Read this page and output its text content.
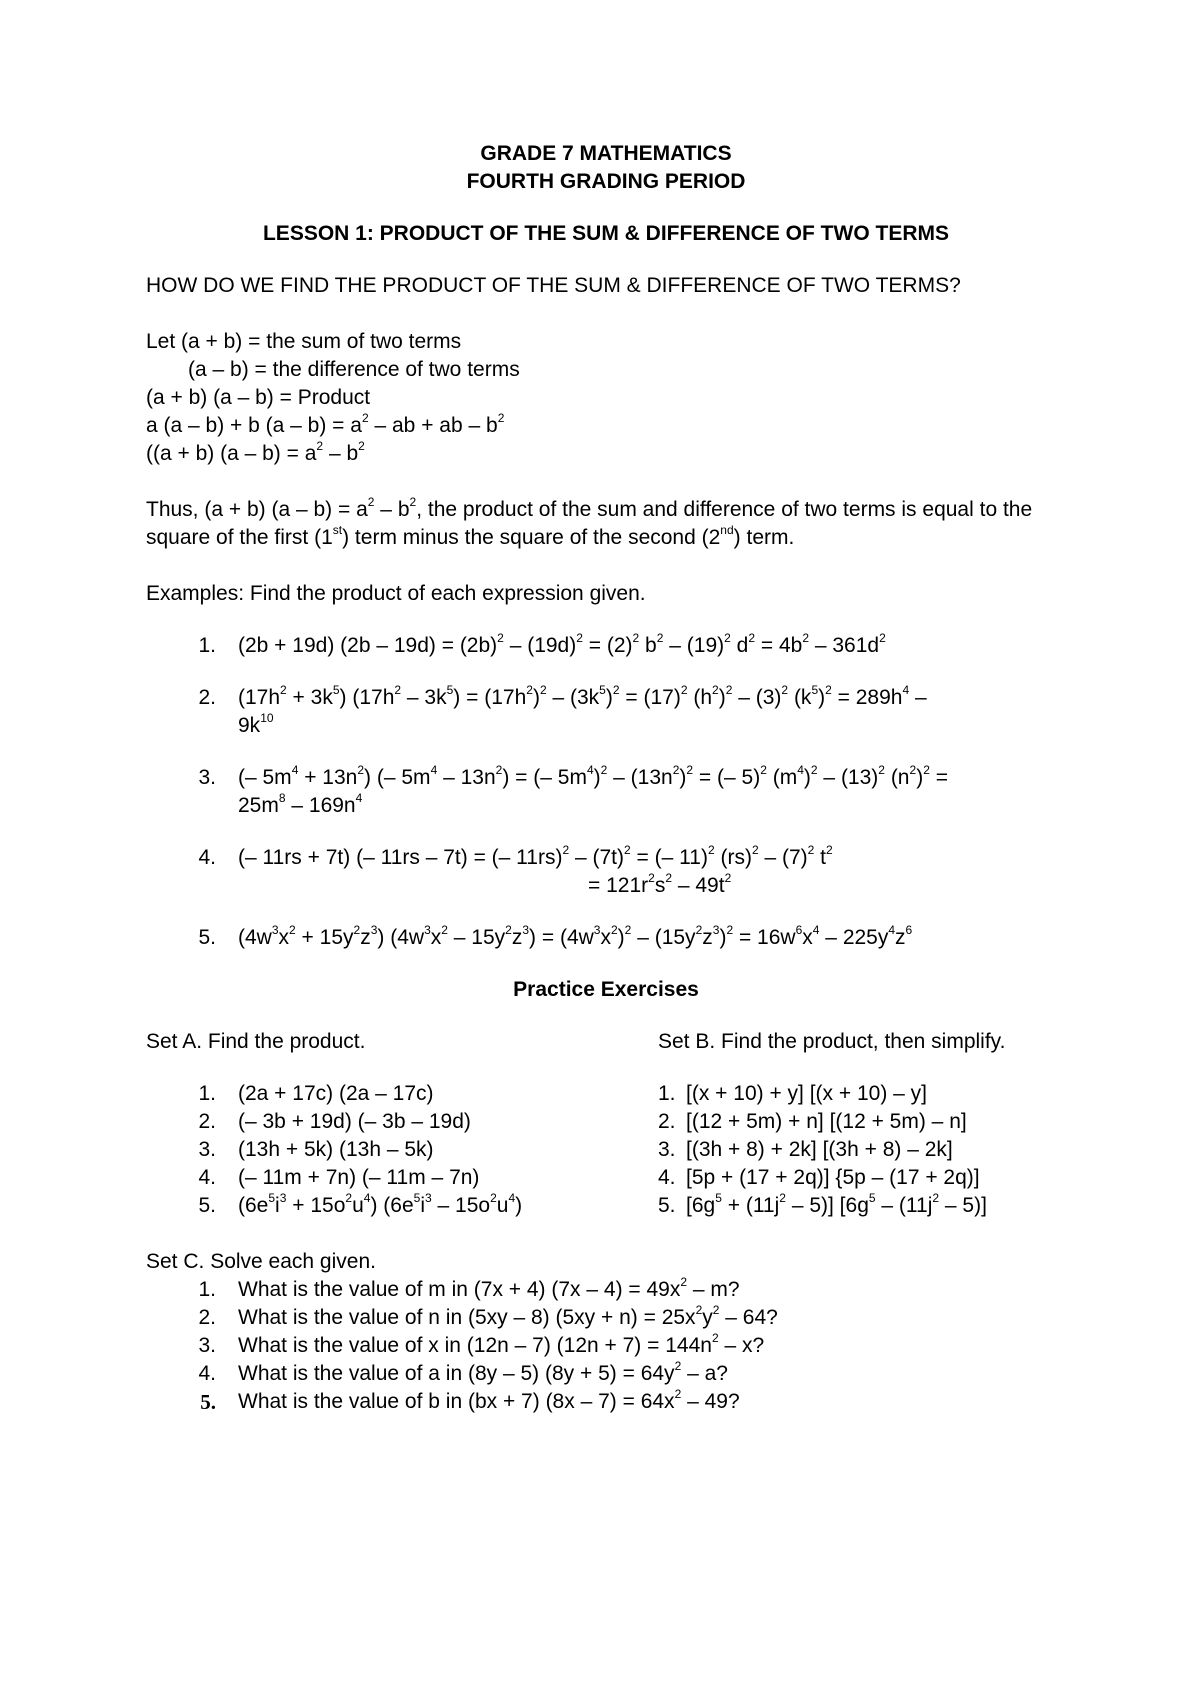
GRADE 7 MATHEMATICS

FOURTH GRADING PERIOD

LESSON 1: PRODUCT OF THE SUM & DIFFERENCE OF TWO TERMS

HOW DO WE FIND THE PRODUCT OF THE SUM & DIFFERENCE OF TWO TERMS?

Let (a + b) = the sum of two terms

(a – b) = the difference of two terms

(a + b) (a – b) = Product

a (a – b) + b $(a - b) = a^2$ – ab + ab – $b^2$

((a + b) $(a - b) = a^2 - b^2$

Thus, (a + b) $(a - b) = a^2 - b^2$, the product of the sum and difference of two terms is equal to the square of the first (1st) term minus the square of the second (2nd) term.

Examples: Find the product of each expression given.

1.	(2b + 19d) $(2b - 19d) = (2b)^2 - (19d)^2 = (2)^2$ $b^2 - (19)^2$ $d^2 = 4b^2 - 361d^2$
2.	$(17h^2 + 3k^5)$ $(17h^2 - 3k^5) = (17h^2)^2 - (3k^5)^2 = (17)^2$ $(h^2)^2 - (3)^2$ $(k^5)^2 = 289h^4$ –
$9k^{10}$
3.	(– $5m^4 + 13n^2$) (– $5m^4 - 13n^2$) = (– $5m^4)^2 - (13n^2)^2$ = (– 5)$^2$ $(m^4)^2 - (13)^2$ $(n^2)^2$ =
$25m^8 - 169n^4$
4.	(– 11rs + 7t) (– 11rs – 7t) = (– $11rs)^2 - (7t)^2$ = (– 11)$^2$ $(rs)^2 - (7)^2$ $t^2$
= $121r^2s^2 - 49t^2$
5.	$(4w^3x^2 + 15y^2z^3)$ $(4w^3x^2 - 15y^2z^3) = (4w^3x^2)^2 - (15y^2z^3)^2 = 16w^6x^4 - 225y^4z^6$

Practice Exercises

Set A. Find the product.

1.	(2a + 17c) (2a – 17c)
2.	(– 3b + 19d) (– 3b – 19d)
3.	(13h + 5k) (13h – 5k)
4.	(– 11m + 7n) (– 11m – 7n)
5.	$(6e^5i^3 + 15o^2u^4)$ $(6e^5i^3 - 15o^2u^4)$

Set B. Find the product, then simplify.

1. [(x + 10) + y] [(x + 10) – y]
2. [(12 + 5m) + n] [(12 + 5m) – n]
3. [(3h + 8) + 2k] [(3h + 8) – 2k]
4. [5p + (17 + 2q)] {5p – (17 + 2q)]
5. $[6g^5 + (11j^2 - 5)]$ $[6g^5 - (11j^2 - 5)]$

Set C. Solve each given.

1.	What is the value of m in (7x + 4) $(7x - 4) = 49x^2 - m$?
2.	What is the value of n in (5xy – 8) $(5xy + n) = 25x^2y^2 - 64$?
3.	What is the value of x in (12n – 7) $(12n + 7) = 144n^2 - x$?
4.	What is the value of a in (8y – 5) $(8y + 5) = 64y^2 - a$?
5.	What is the value of b in (bx + 7) $(8x - 7) = 64x^2 - 49$?
